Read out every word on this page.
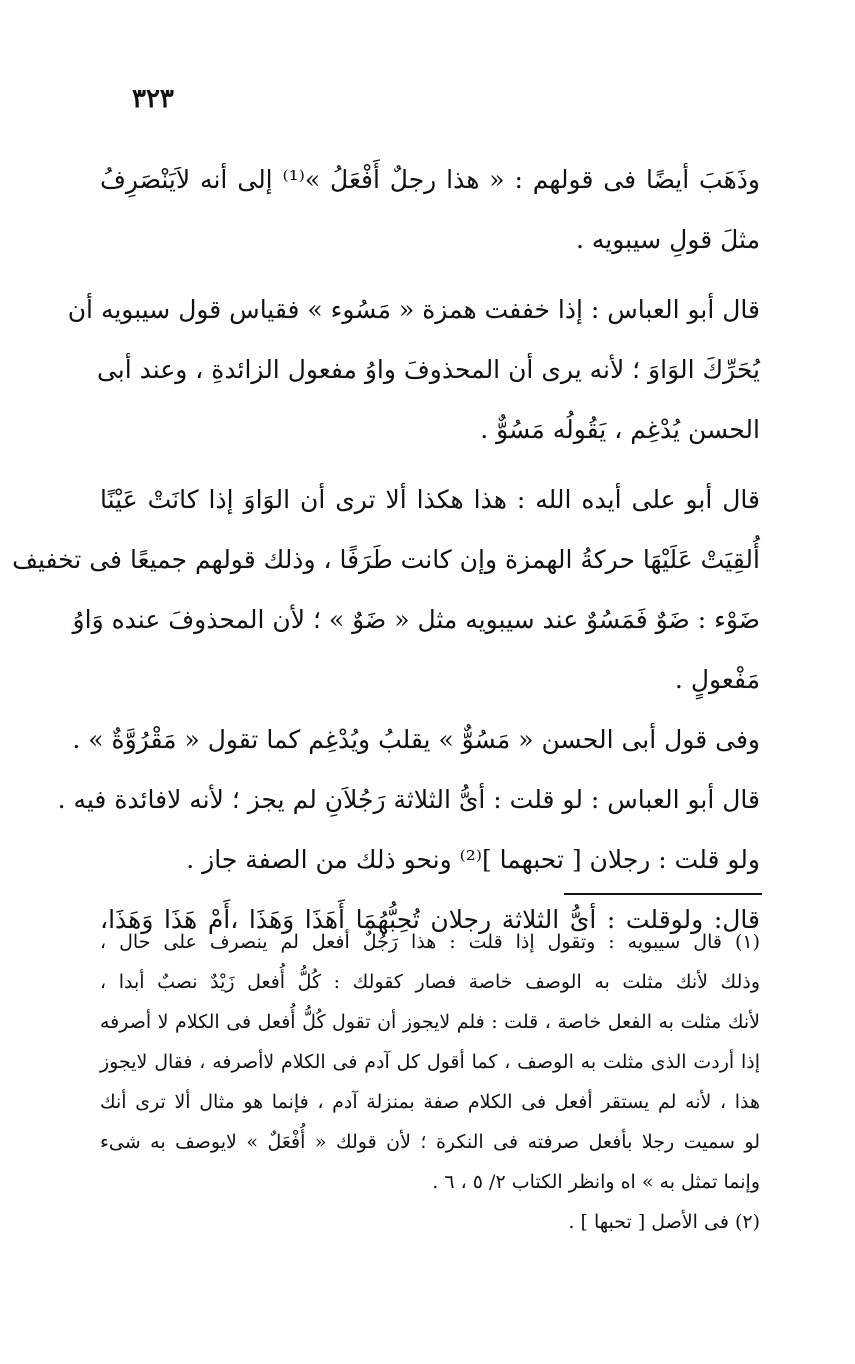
٣٢٣
وذَهَبَ أيضًا فى قولهم : « هذا رجلٌ أَفْعَلُ »⁽¹⁾ إلى أنه لاَيَنْصَرِفُ
مثلَ قولِ سيبويه .
قال أبو العباس : إذا خففت همزة « مَسُوء » فقياس قول سيبويه أن
يُحَرِّكَ الوَاوَ ؛ لأنه يرى أن المحذوفَ واوُ مفعول الزائدةِ ، وعند أبى
الحسن يُدْغِم ، يَقُولُه مَسُوٌّ .
قال أبو على أيده الله : هذا هكذا ألا ترى أن الوَاوَ إذا كانَتْ عَيْنًا
أُلقِيَتْ عَلَيْهَا حركةُ الهمزة وإن كانت طَرَفًا ، وذلك قولهم جميعًا فى تخفيف
ضَوْء : ضَوٌ فَمَسُوٌ عند سيبويه مثل « ضَوٌ » ؛ لأن المحذوفَ عنده وَاوُ
مَفْعولٍ .
وفى قول أبى الحسن « مَسُوٌّ » يقلبُ ويُدْغِم كما تقول « مَقْرُوَّةٌ » .
قال أبو العباس : لو قلت : أىُّ الثلاثة رَجُلاَنِ لم يجز ؛ لأنه لافائدة فيه .
ولو قلت : رجلان [ تحبهما ]⁽²⁾ ونحو ذلك من الصفة جاز .
قال: ولوقلت : أىُّ الثلاثة رجلان تُحِبُّهُمَا أَهَذَا وَهَذَا ،أَمْ هَذَا وَهَذَا،
(١) قال سيبويه : وتقول إذا قلت : هذا رَجُلٌ أفعل لم ينصرف على حال ،
وذلك لأنك مثلت به الوصف خاصة فصار كقولك : كُلُّ أُفعل زَيْدٌ نصبٌ أبدا ،
لأنك مثلت به الفعل خاصة ، قلت : فلم لايجوز أن تقول كُلُّ أُفعل فى الكلام لا أصرفه
إذا أردت الذى مثلت به الوصف ، كما أقول كل آدم فى الكلام لاأصرفه ، فقال لايجوز
هذا ، لأنه لم يستقر أفعل فى الكلام صفة بمنزلة آدم ، فإنما هو مثال ألا ترى أنك
لو سميت رجلا بأفعل صرفته فى النكرة ؛ لأن قولك « أُفْعَلٌ » لايوصف به شىء
وإنما تمثل به » اه وانظر الكتاب ٢/ ٥ ، ٦ .
(٢) فى الأصل [ تحبها ] .
